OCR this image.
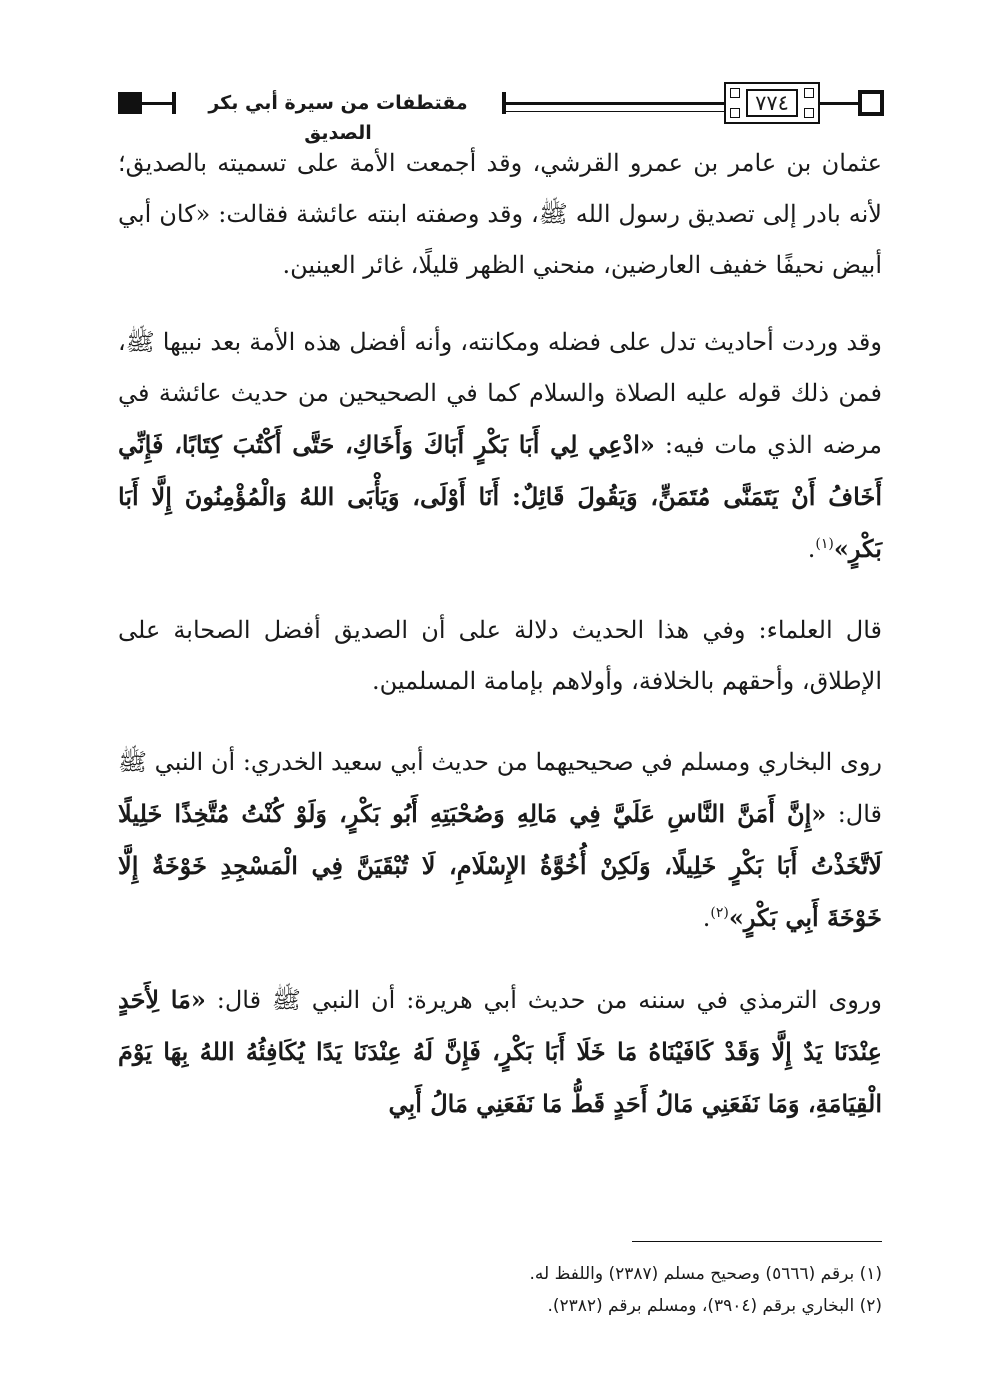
مقتطفات من سيرة أبي بكر الصديق
٧٧٤

عثمان بن عامر بن عمرو القرشي، وقد أجمعت الأمة على تسميته بالصديق؛ لأنه بادر إلى تصديق رسول الله ﷺ، وقد وصفته ابنته عائشة فقالت: «كان أبي أبيض نحيفًا خفيف العارضين، منحني الظهر قليلًا، غائر العينين.

وقد وردت أحاديث تدل على فضله ومكانته، وأنه أفضل هذه الأمة بعد نبيها ﷺ، فمن ذلك قوله عليه الصلاة والسلام كما في الصحيحين من حديث عائشة في مرضه الذي مات فيه: «ادْعِي لِي أَبَا بَكْرٍ أَبَاكَ وَأَخَاكِ، حَتَّى أَكْتُبَ كِتَابًا، فَإِنِّي أَخَافُ أَنْ يَتَمَنَّى مُتَمَنٍّ، وَيَقُولَ قَائِلٌ: أَنَا أَوْلَى، وَيَأْبَى اللهُ وَالْمُؤْمِنُونَ إِلَّا أَبَا بَكْرٍ»$^{(١)}$.

قال العلماء: وفي هذا الحديث دلالة على أن الصديق أفضل الصحابة على الإطلاق، وأحقهم بالخلافة، وأولاهم بإمامة المسلمين.

روى البخاري ومسلم في صحيحيهما من حديث أبي سعيد الخدري: أن النبي ﷺ قال: «إِنَّ أَمَنَّ النَّاسِ عَلَيَّ فِي مَالِهِ وَصُحْبَتِهِ أَبُو بَكْرٍ، وَلَوْ كُنْتُ مُتَّخِذًا خَلِيلًا لَاتَّخَذْتُ أَبَا بَكْرٍ خَلِيلًا، وَلَكِنْ أُخُوَّةُ الإِسْلَامِ، لَا تُبْقَيَنَّ فِي الْمَسْجِدِ خَوْخَةٌ إِلَّا خَوْخَةَ أَبِي بَكْرٍ»$^{(٢)}$.

وروى الترمذي في سننه من حديث أبي هريرة: أن النبي ﷺ قال: «مَا لِأَحَدٍ عِنْدَنَا يَدٌ إِلَّا وَقَدْ كَافَيْنَاهُ مَا خَلَا أَبَا بَكْرٍ، فَإِنَّ لَهُ عِنْدَنَا يَدًا يُكَافِئُهُ اللهُ بِهَا يَوْمَ الْقِيَامَةِ، وَمَا نَفَعَنِي مَالُ أَحَدٍ قَطُّ مَا نَفَعَنِي مَالُ أَبِي

(١) برقم (٥٦٦٦) وصحيح مسلم (٢٣٨٧) واللفظ له.
(٢) البخاري برقم (٣٩٠٤)، ومسلم برقم (٢٣٨٢).
